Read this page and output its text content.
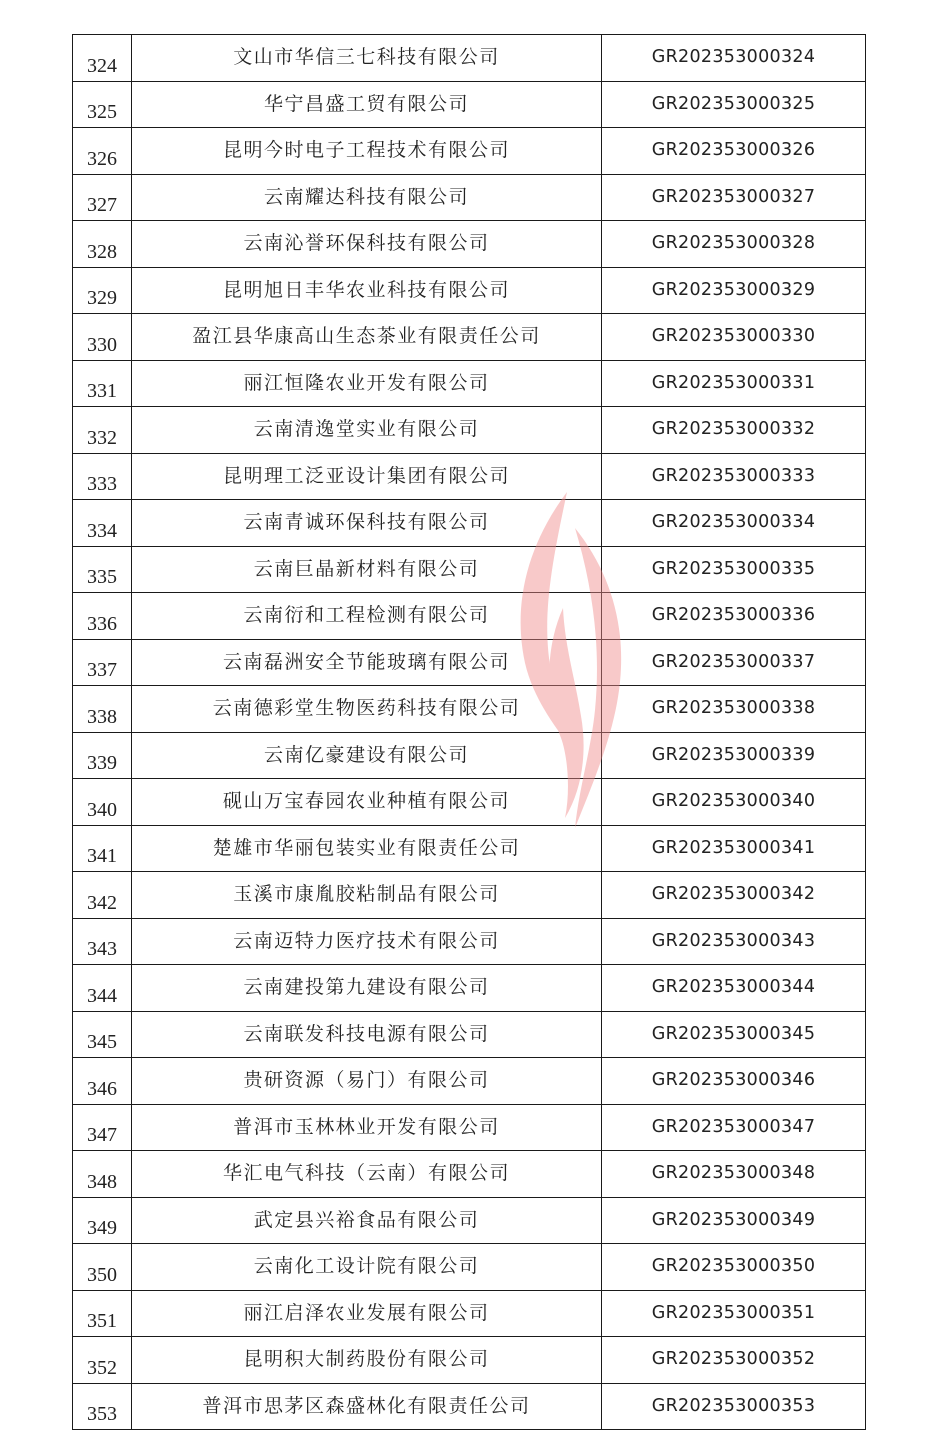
324	文山市华信三七科技有限公司	GR202353000324
325	华宁昌盛工贸有限公司	GR202353000325
326	昆明今时电子工程技术有限公司	GR202353000326
327	云南耀达科技有限公司	GR202353000327
328	云南沁誉环保科技有限公司	GR202353000328
329	昆明旭日丰华农业科技有限公司	GR202353000329
330	盈江县华康高山生态茶业有限责任公司	GR202353000330
331	丽江恒隆农业开发有限公司	GR202353000331
332	云南清逸堂实业有限公司	GR202353000332
333	昆明理工泛亚设计集团有限公司	GR202353000333
334	云南青诚环保科技有限公司	GR202353000334
335	云南巨晶新材料有限公司	GR202353000335
336	云南衍和工程检测有限公司	GR202353000336
337	云南磊洲安全节能玻璃有限公司	GR202353000337
338	云南德彩堂生物医药科技有限公司	GR202353000338
339	云南亿豪建设有限公司	GR202353000339
340	砚山万宝春园农业种植有限公司	GR202353000340
341	楚雄市华丽包装实业有限责任公司	GR202353000341
342	玉溪市康胤胶粘制品有限公司	GR202353000342
343	云南迈特力医疗技术有限公司	GR202353000343
344	云南建投第九建设有限公司	GR202353000344
345	云南联发科技电源有限公司	GR202353000345
346	贵研资源（易门）有限公司	GR202353000346
347	普洱市玉林林业开发有限公司	GR202353000347
348	华汇电气科技（云南）有限公司	GR202353000348
349	武定县兴裕食品有限公司	GR202353000349
350	云南化工设计院有限公司	GR202353000350
351	丽江启泽农业发展有限公司	GR202353000351
352	昆明积大制药股份有限公司	GR202353000352
353	普洱市思茅区森盛林化有限责任公司	GR202353000353
